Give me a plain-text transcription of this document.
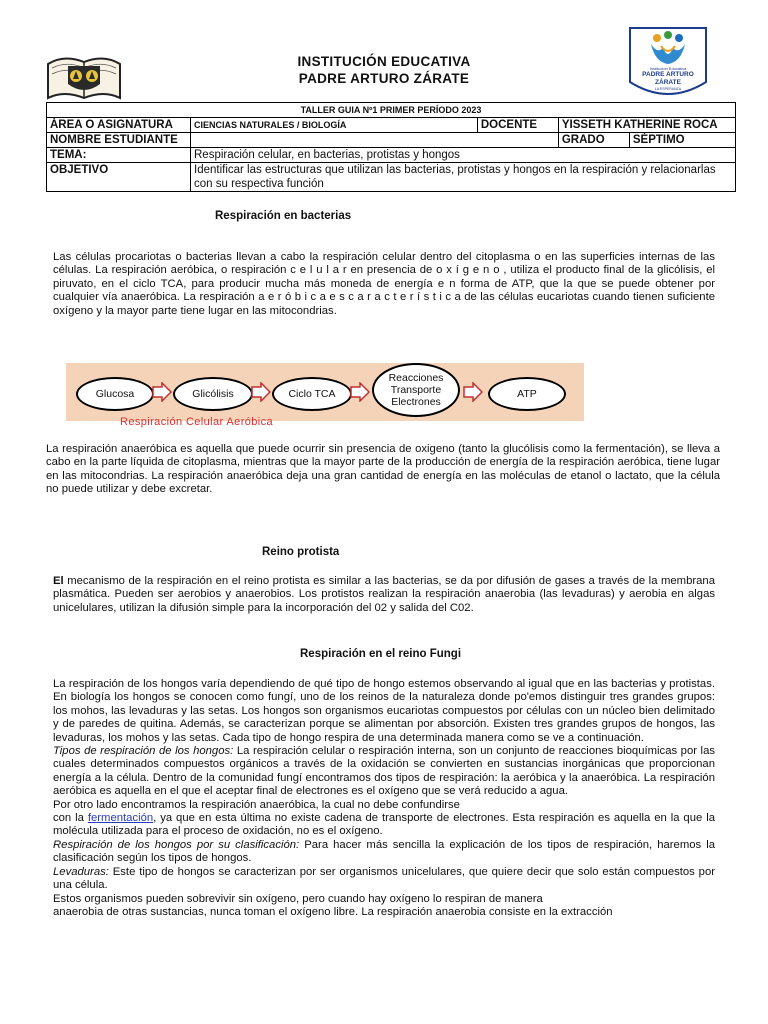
INSTITUCIÓN EDUCATIVA
PADRE ARTURO ZÁRATE
Institución Educativa
PADRE ARTURO
ZÁRATE
LA ESPERANZA
TALLER GUIA Nº1 PRIMER PERÍODO 2023				
ÁREA O ASIGNATURA	CIENCIAS NATURALES / BIOLOGÍA	DOCENTE	YISSETH KATHERINE ROCA	
NOMBRE ESTUDIANTE			GRADO	SÉPTIMO
TEMA:	Respiración celular, en bacterias, protistas y hongos			
OBJETIVO	Identificar las estructuras que utilizan las bacterias, protistas y hongos en la respiración y relacionarlas con su respectiva función			
Respiración en bacterias
Las células procariotas o bacterias llevan a cabo la respiración celular dentro del citoplasma o en las superficies internas de las células. La respiración aeróbica, o respiración c e l u l a r en presencia de o x í g e n o , utiliza el producto final de la glicólisis, el piruvato, en el ciclo TCA, para producir mucha más moneda de energía e n forma de ATP, que la que se puede obtener por cualquier vía anaeróbica. La respiración a e r ó b i c a e s c a r a c t e r í s t i c a de las células eucariotas cuando tienen suficiente oxígeno y la mayor parte tiene lugar en las mitocondrias.
Glucosa	Glicólisis	Ciclo TCA
Reacciones Transporte Electrones
ATP
Respiración Celular Aeróbica
La respiración anaeróbica es aquella que puede ocurrir sin presencia de oxigeno (tanto la glucólisis como la fermentación), se lleva a cabo en la parte líquida de citoplasma, mientras que la mayor parte de la producción de energía de la respiración aeróbica, tiene lugar en las mitocondrias. La respiración anaeróbica deja una gran cantidad de energía en las moléculas de etanol o lactato, que la célula no puede utilizar y debe excretar.
Reino protista
El mecanismo de la respiración en el reino protista es similar a las bacterias, se da por difusión de gases a través de la membrana plasmática. Pueden ser aerobios y anaerobios. Los protistos realizan la respiración anaerobia (las levaduras) y aerobia en algas unicelulares, utilizan la difusión simple para la incorporación del 02 y salida del C02.
Respiración en el reino Fungi
La respiración de los hongos varía dependiendo de qué tipo de hongo estemos observando al igual que en las bacterias y protistas. En biología los hongos se conocen como fungí, uno de los reinos de la naturaleza donde po'emos distinguir tres grandes grupos: los mohos, las levaduras y las setas. Los hongos son organismos eucariotas compuestos por células con un núcleo bien delimitado y de paredes de quitina. Además, se caracterizan porque se alimentan por absorción. Existen tres grandes grupos de hongos, las levaduras, los mohos y las setas. Cada tipo de hongo respira de una determinada manera como se ve a continuación.
Tipos de respiración de los hongos: La respiración celular o respiración interna, son un conjunto de reacciones bioquímicas por las cuales determinados compuestos orgánicos a través de la oxidación se convierten en sustancias inorgánicas que proporcionan energía a la célula. Dentro de la comunidad fungí encontramos dos tipos de respiración: la aeróbica y la anaeróbica. La respiración aeróbica es aquella en el que el aceptar final de electrones es el oxígeno que se verá reducido a agua.
Por otro lado encontramos la respiración anaeróbica, la cual no debe confundirse
con la fermentación, ya que en esta última no existe cadena de transporte de electrones. Esta respiración es aquella en la que la molécula utilizada para el proceso de oxidación, no es el oxígeno.
Respiración de los hongos por su clasificación: Para hacer más sencilla la explicación de los tipos de respiración, haremos la clasificación según los tipos de hongos.
Levaduras: Este tipo de hongos se caracterizan por ser organismos unicelulares, que quiere decir que solo están compuestos por una célula.
Estos organismos pueden sobrevivir sin oxígeno, pero cuando hay oxígeno lo respiran de manera
anaerobia de otras sustancias, nunca toman el oxígeno libre. La respiración anaerobia consiste en la extracción
